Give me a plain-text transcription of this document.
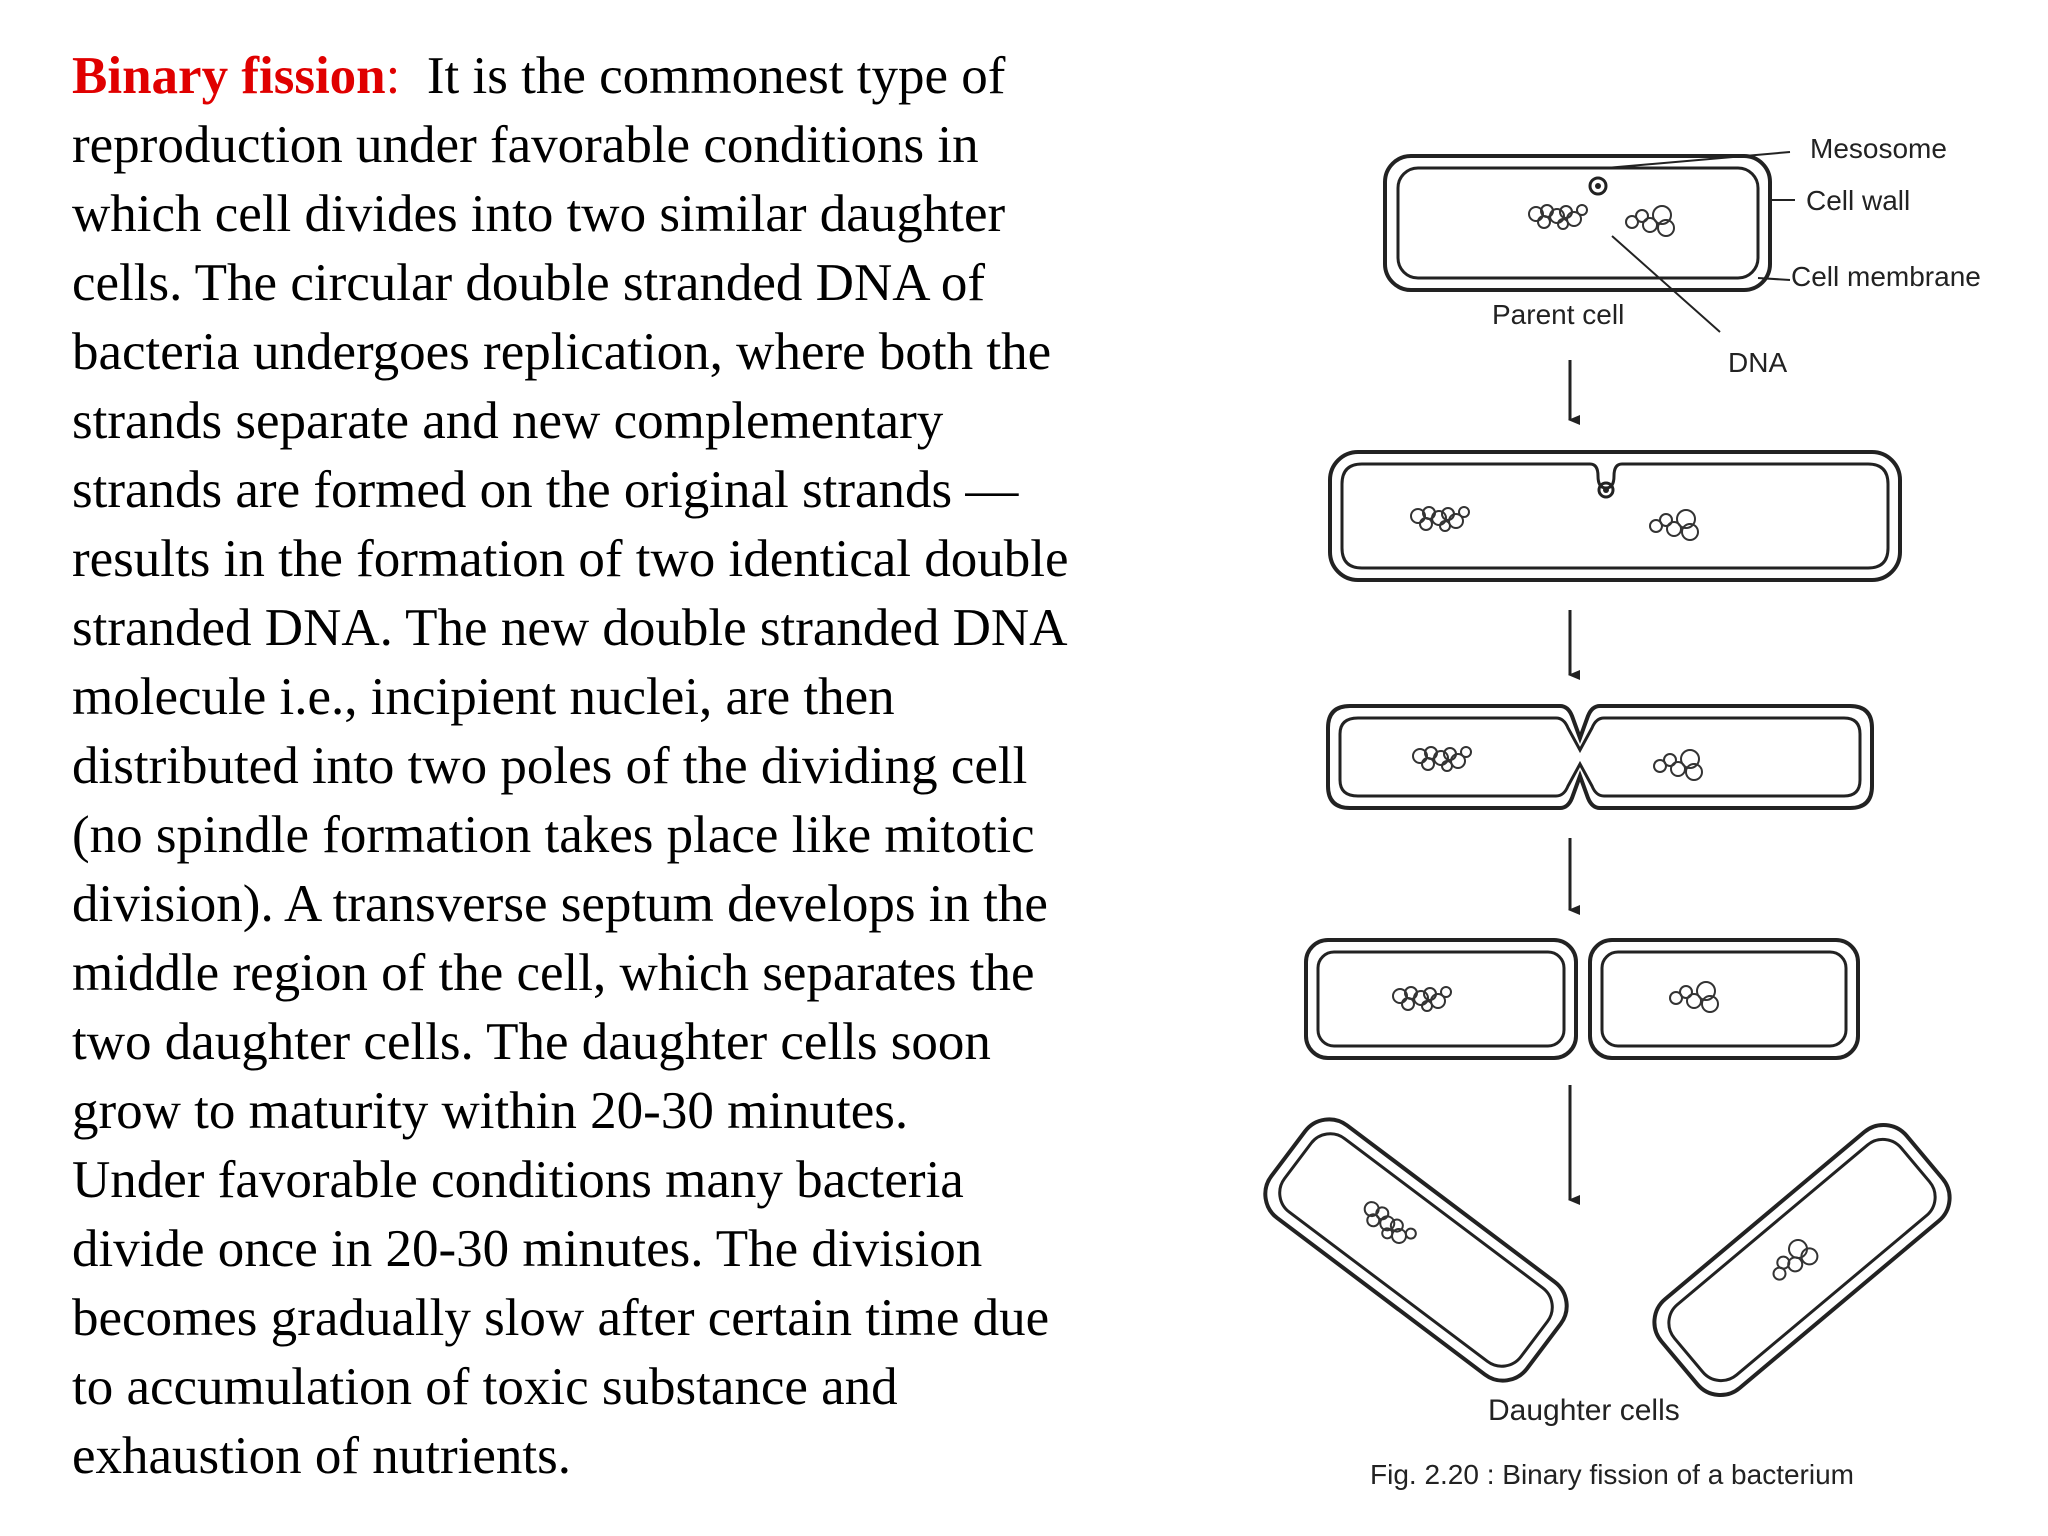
Binary fission:  It is the commonest type of
reproduction under favorable conditions in
which cell divides into two similar daughter
cells. The circular double stranded DNA of
bacteria undergoes replication, where both the
strands separate and new complementary
strands are formed on the original strands —
results in the formation of two identical double
stranded DNA. The new double stranded DNA
molecule i.e., incipient nuclei, are then
distributed into two poles of the dividing cell
(no spindle formation takes place like mitotic
division). A transverse septum develops in the
middle region of the cell, which separates the
two daughter cells. The daughter cells soon
grow to maturity within 20-30 minutes.
Under favorable conditions many bacteria
divide once in 20-30 minutes. The division
becomes gradually slow after certain time due
to accumulation of toxic substance and
exhaustion of nutrients.
Mesosome
Cell wall
Cell membrane
Parent cell
DNA
Daughter cells
Fig. 2.20 : Binary fission of a bacterium
